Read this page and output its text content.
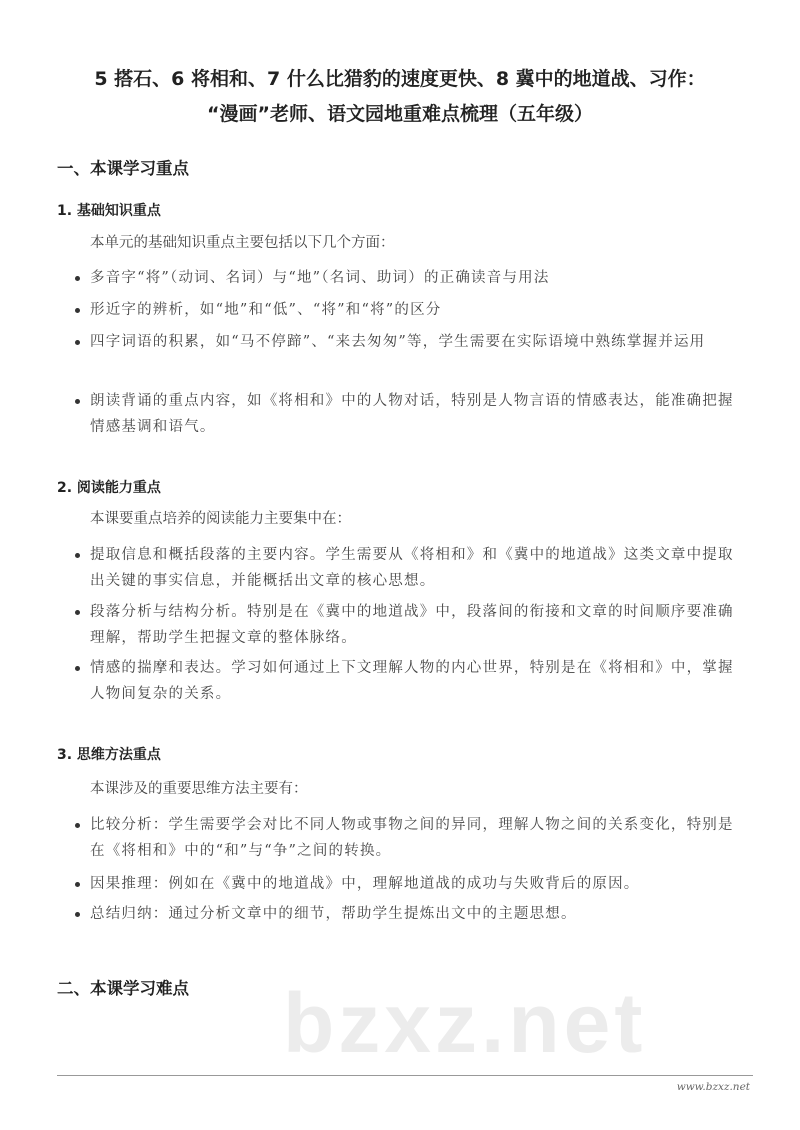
5 搭石、6 将相和、7 什么比猎豹的速度更快、8 冀中的地道战、习作：
“漫画”老师、语文园地重难点梳理（五年级）
一、本课学习重点
1. 基础知识重点
本单元的基础知识重点主要包括以下几个方面：
多音字“将”（动词、名词）与“地”（名词、助词）的正确读音与用法
形近字的辨析，如“地”和“低”、“将”和“将”的区分
四字词语的积累，如“马不停蹄”、“来去匆匆”等，学生需要在实际语境中熟练掌握并运用
朗读背诵的重点内容，如《将相和》中的人物对话，特别是人物言语的情感表达，能准确把握情感基调和语气。
2. 阅读能力重点
本课要重点培养的阅读能力主要集中在：
提取信息和概括段落的主要内容。学生需要从《将相和》和《冀中的地道战》这类文章中提取出关键的事实信息，并能概括出文章的核心思想。
段落分析与结构分析。特别是在《冀中的地道战》中，段落间的衔接和文章的时间顺序要准确理解，帮助学生把握文章的整体脉络。
情感的揣摩和表达。学习如何通过上下文理解人物的内心世界，特别是在《将相和》中，掌握人物间复杂的关系。
3. 思维方法重点
本课涉及的重要思维方法主要有：
比较分析：学生需要学会对比不同人物或事物之间的异同，理解人物之间的关系变化，特别是在《将相和》中的“和”与“争”之间的转换。
因果推理：例如在《冀中的地道战》中，理解地道战的成功与失败背后的原因。
总结归纳：通过分析文章中的细节，帮助学生提炼出文中的主题思想。
二、本课学习难点 bzxz.net
www.bzxz.net
